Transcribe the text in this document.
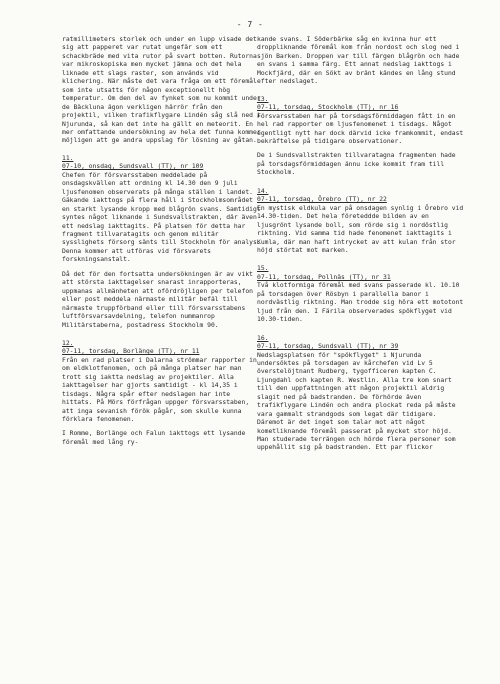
- 7 -

ratmillimeters storlek och under en lupp visade det sig att papperet var rutat ungefär som ett schackbräde med vita rutor på svart botten. Rutorna var mikroskopiska men mycket jämna och det hela liknade ett slags raster, som används vid klichering. När måste det vara fråga om ett föremål som inte utsatts för någon exceptionellt hög temperatur. Om den del av fynket som nu kommit under de Bäckluna ägon verkligen härrör från den projektil, vilken trafikflygare Lindén såg slå ned i Njurunda, så kan det inte ha gällt en meteorit. En mer omfattande undersökning av hela det funna kommer möjligen att ge andra uppslag för lösning av gåtan.

11.
07-10, onsdag, Sundsvall (TT), nr 109

Chefen för försvarsstaben meddelade på onsdagskvällen att ordning kl 14.30 den 9 juli ljusfenomen observerats på många ställen i landet. Gäkande iakttogs på flera håll i Stockholmsområdet en starkt lysande kropp med blågrön svans. Samtidigt syntes något liknande i Sundsvallstrakten, där även ett nedslag iakttagits. På platsen för detta har fragment tillvaratagits och genom militär sysslighets försorg sänts till Stockholm för analys. Denna kommer att utföras vid försvarets forskningsanstalt.

Då det för den fortsatta undersökningen är av vikt att största iakttagelser snarast inrapporteras, uppmanas allmänheten att ofördröjligen per telefon eller post meddela närmaste militär befäl till närmaste truppförband eller till försvarsstabens luftförsvarsavdelning, telefon nummanrop Militärstaberna, postadress Stockholm 90.

12.
07-11, torsdag, Borlänge (TT), nr 11

Från en rad platser i Dalarna strömmar rapporter in om eldklotfenomen, och på många platser har man trott sig iaktta nedslag av projektiler. Alla iakttagelser har gjorts samtidigt - kl 14,35 i tisdags. Några spår efter nedslagen har inte hittats. På Mörs förfrågan uppger försvarsstaben, att inga sevanish förök pågår, som skulle kunna förklara fenomenen.

I Romme, Borlänge och Falun iakttogs ett lysande föremål med lång ry-

kande svans. I Söderbärke såg en kvinna hur ett droppliknande föremål kom från nordost och slog ned i sjön Barken. Droppen var till färgen blågrön och hade en svans i samma färg. Ett annat nedslag iakttogs i Mockfjärd, där en Sökt av bränt kändes en lång stund efter nedslaget.

13.
07-11, torsdag, Stockholm (TT), nr 16

Försvarsstaben har på torsdagsförmiddagen fått in en hel rad rapporter om ljusfenomenet i tisdags. Något egentligt nytt har dock därvid icke framkommit, endast bekräftelse på tidigare observationer.

De i Sundsvallstrakten tillvaratagna fragmenten hade på torsdagsförmiddagen ännu icke kommit fram till Stockholm.

14.
07-11, torsdag, Örebro (TT), nr 22

En mystisk eldkula var på onsdagen synlig i Örebro vid 14.30-tiden. Det hela företeddde bilden av en ljusgrönt lysande boll, som rörde sig i nordöstlig riktning. Vid samma tid hade fenomenet iakttagits i Kumla, där man haft intrycket av att kulan från stor höjd störtat mot marken.

15.
07-11, torsdag, Pollnäs (TT), nr 31

Två klotformiga föremål med svans passerade kl. 10.10 på torsdagen över Rösbyn i parallella banor i nordvästlig riktning. Man trodde sig höra ett mototont ljud från den. I Färila observerades spökflyget vid 10.30-tiden.

16.
07-11, torsdag, Sundsvall (TT), nr 39

Nedslagsplatsen för "spökflyget" i Njurunda undersöktes på torsdagen av kårchefen vid Lv 5 överstelöjtnant Rudberg, tygofficeren kapten C. Ljungdahl och kapten R. Westlin. Alla tre kom snart till den uppfattningen att någon projektil aldrig slagit ned på badstranden. De förhörde även trafikflygare Lindén och andra plockat reda på måste vara gammalt strandgods som legat där tidigare. Däremot är det inget som talar mot att något kometliknande föremål passerat på mycket stor höjd. Man studerade terrängen och hörde flera personer som uppehållit sig på badstranden. Ett par flickor
